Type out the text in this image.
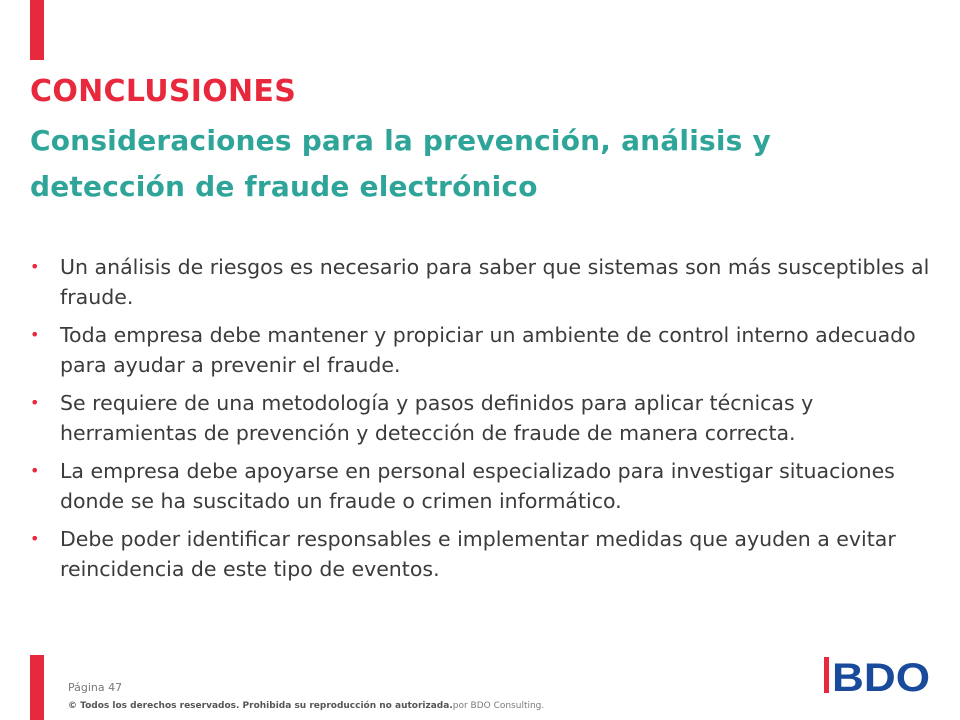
CONCLUSIONES
Consideraciones para la prevención, análisis y detección de fraude electrónico
• Un análisis de riesgos es necesario para saber que sistemas son más susceptibles al fraude.
• Toda empresa debe mantener y propiciar un ambiente de control interno adecuado para ayudar a prevenir el fraude.
• Se requiere de una metodología y pasos definidos para aplicar técnicas y herramientas de prevención y detección de fraude de manera correcta.
• La empresa debe apoyarse en personal especializado para investigar situaciones donde se ha suscitado un fraude o crimen informático.
• Debe poder identificar responsables e implementar medidas que ayuden a evitar reincidencia de este tipo de eventos.
Página 47
© Todos los derechos reservados. Prohibida su reproducción no autorizada.por BDO Consulting.
BDO
